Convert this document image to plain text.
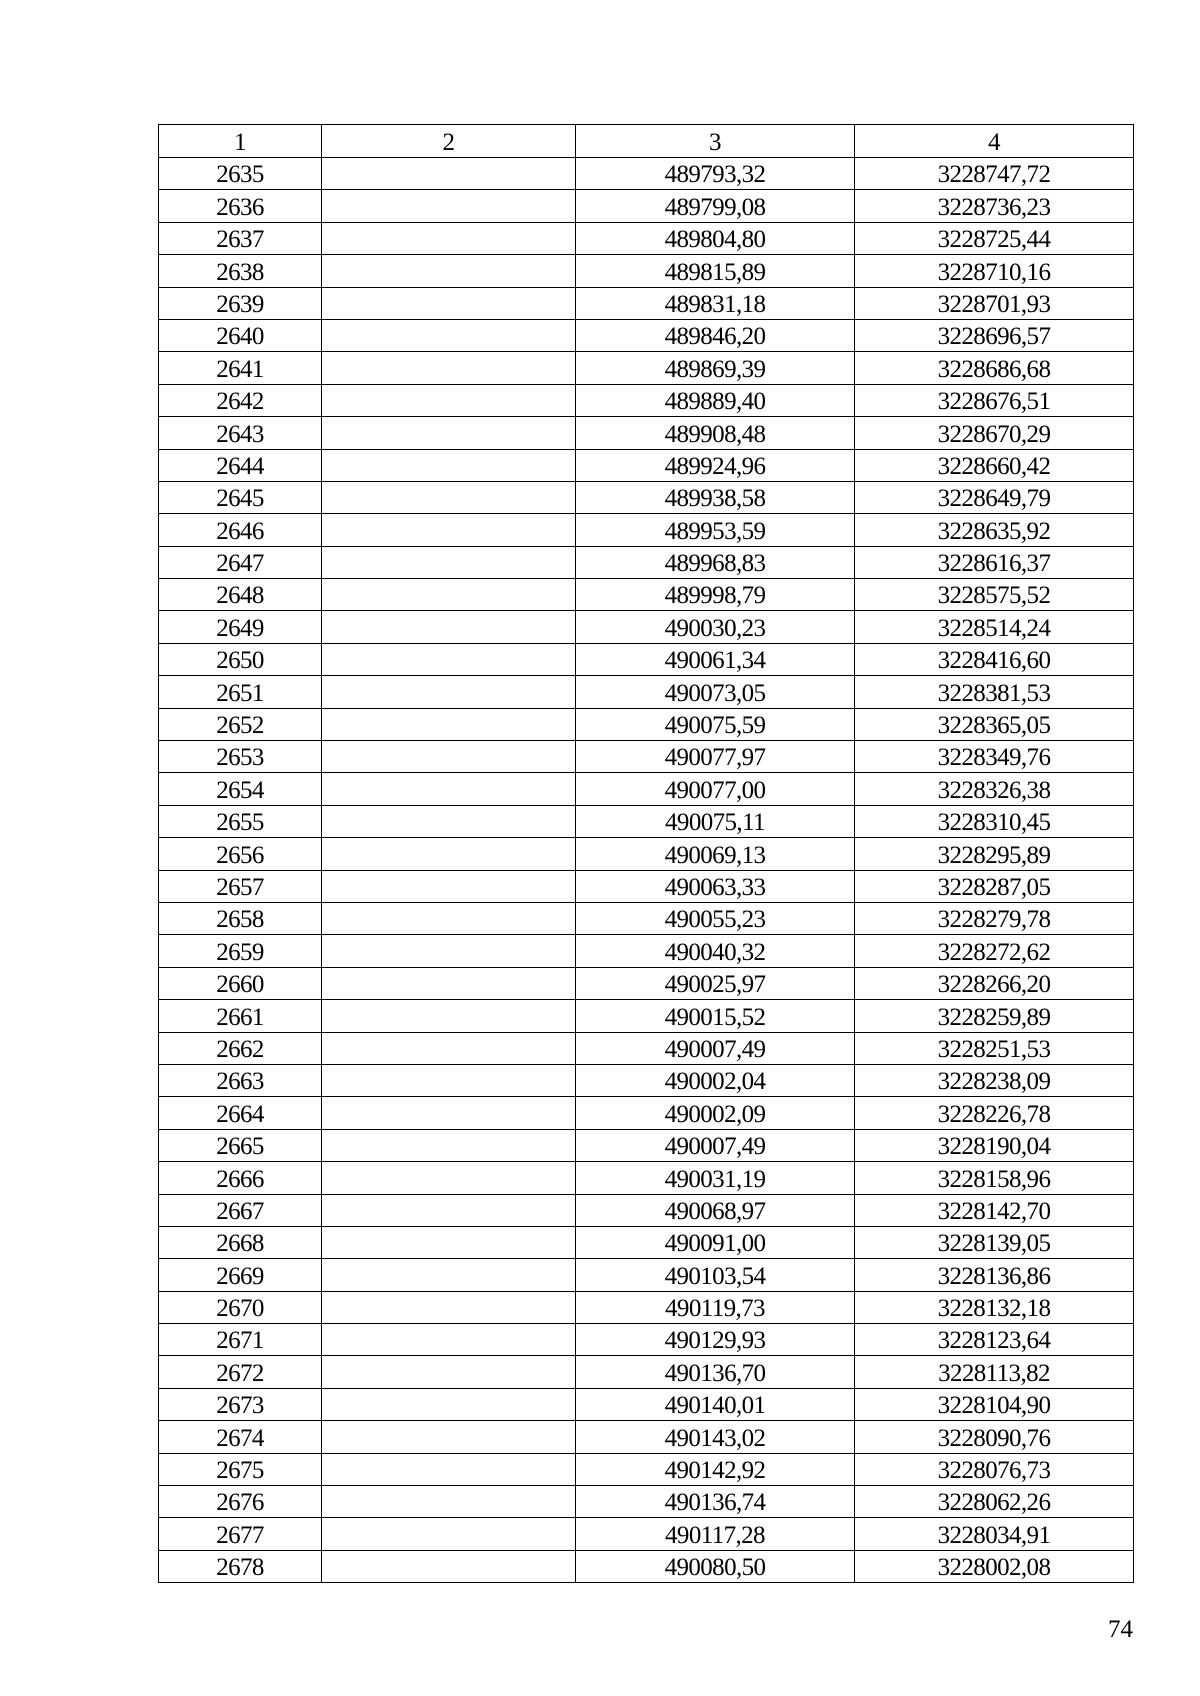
1	2	3	4
2635		489793,32	3228747,72
2636		489799,08	3228736,23
2637		489804,80	3228725,44
2638		489815,89	3228710,16
2639		489831,18	3228701,93
2640		489846,20	3228696,57
2641		489869,39	3228686,68
2642		489889,40	3228676,51
2643		489908,48	3228670,29
2644		489924,96	3228660,42
2645		489938,58	3228649,79
2646		489953,59	3228635,92
2647		489968,83	3228616,37
2648		489998,79	3228575,52
2649		490030,23	3228514,24
2650		490061,34	3228416,60
2651		490073,05	3228381,53
2652		490075,59	3228365,05
2653		490077,97	3228349,76
2654		490077,00	3228326,38
2655		490075,11	3228310,45
2656		490069,13	3228295,89
2657		490063,33	3228287,05
2658		490055,23	3228279,78
2659		490040,32	3228272,62
2660		490025,97	3228266,20
2661		490015,52	3228259,89
2662		490007,49	3228251,53
2663		490002,04	3228238,09
2664		490002,09	3228226,78
2665		490007,49	3228190,04
2666		490031,19	3228158,96
2667		490068,97	3228142,70
2668		490091,00	3228139,05
2669		490103,54	3228136,86
2670		490119,73	3228132,18
2671		490129,93	3228123,64
2672		490136,70	3228113,82
2673		490140,01	3228104,90
2674		490143,02	3228090,76
2675		490142,92	3228076,73
2676		490136,74	3228062,26
2677		490117,28	3228034,91
2678		490080,50	3228002,08
74
